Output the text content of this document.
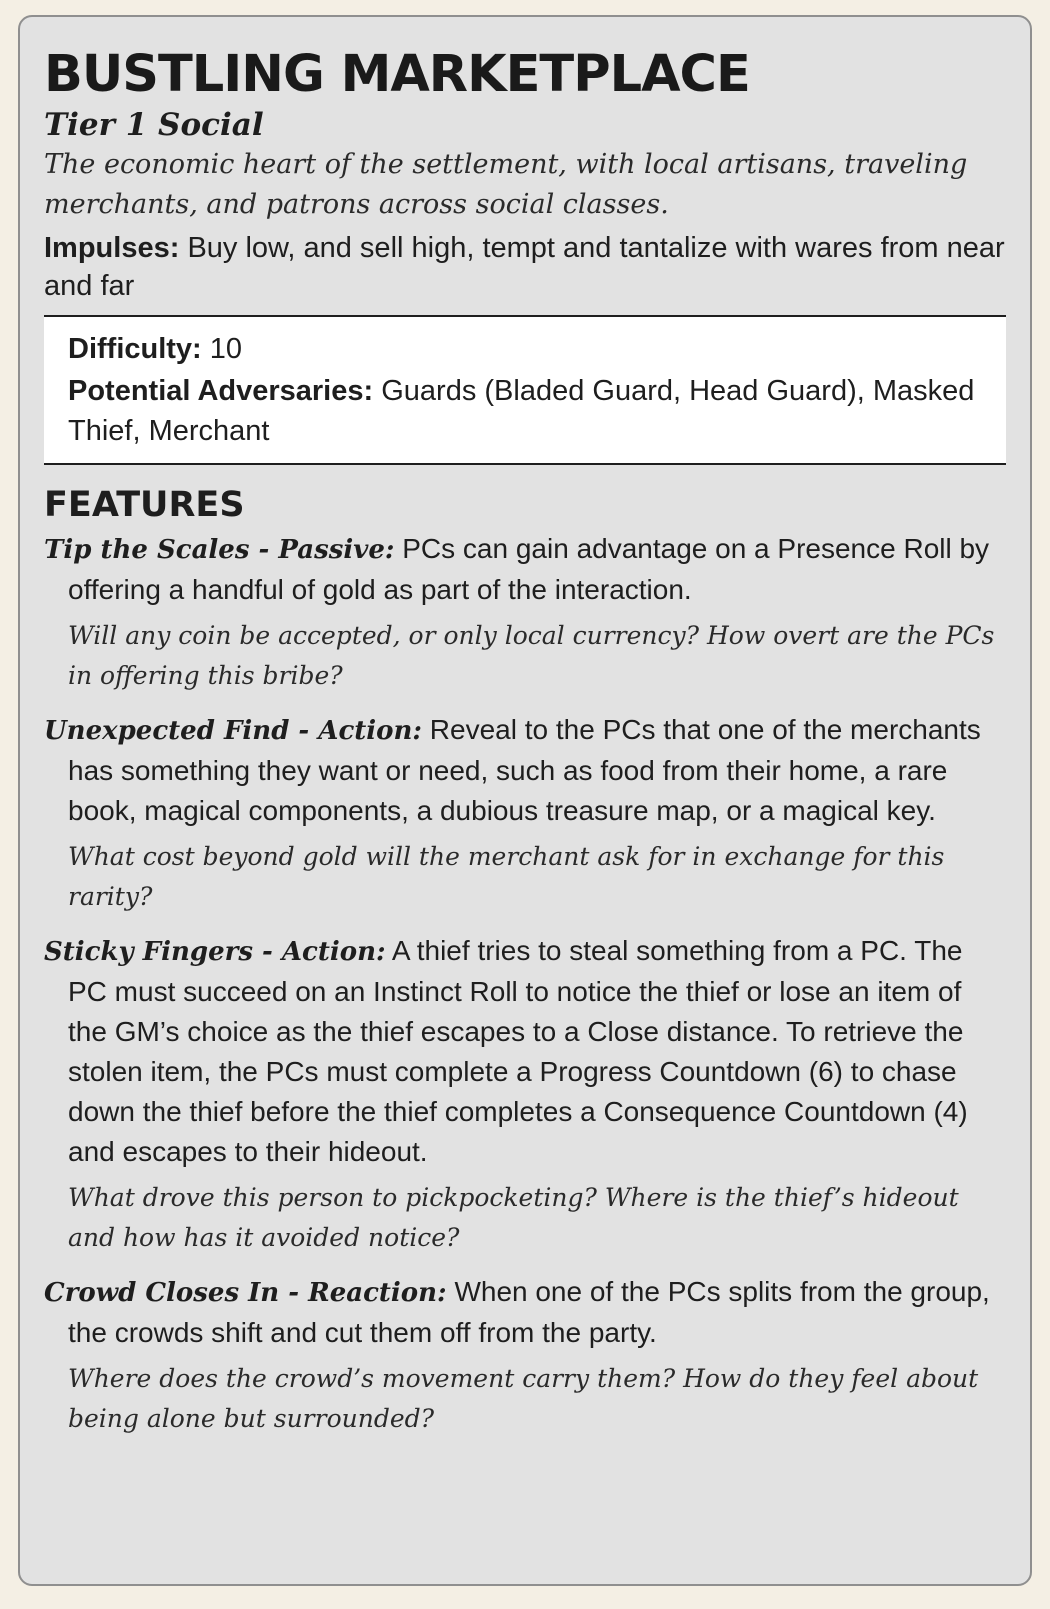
BUSTLING MARKETPLACE
Tier 1 Social
The economic heart of the settlement, with local artisans, traveling merchants, and patrons across social classes.
Impulses: Buy low, and sell high, tempt and tantalize with wares from near and far
Difficulty: 10
Potential Adversaries: Guards (Bladed Guard, Head Guard), Masked Thief, Merchant
FEATURES
Tip the Scales - Passive: PCs can gain advantage on a Presence Roll by offering a handful of gold as part of the interaction.
Will any coin be accepted, or only local currency? How overt are the PCs in offering this bribe?
Unexpected Find - Action: Reveal to the PCs that one of the merchants has something they want or need, such as food from their home, a rare book, magical components, a dubious treasure map, or a magical key.
What cost beyond gold will the merchant ask for in exchange for this rarity?
Sticky Fingers - Action: A thief tries to steal something from a PC. The PC must succeed on an Instinct Roll to notice the thief or lose an item of the GM’s choice as the thief escapes to a Close distance. To retrieve the stolen item, the PCs must complete a Progress Countdown (6) to chase down the thief before the thief completes a Consequence Countdown (4) and escapes to their hideout.
What drove this person to pickpocketing? Where is the thief’s hideout and how has it avoided notice?
Crowd Closes In - Reaction: When one of the PCs splits from the group, the crowds shift and cut them off from the party.
Where does the crowd’s movement carry them? How do they feel about being alone but surrounded?
